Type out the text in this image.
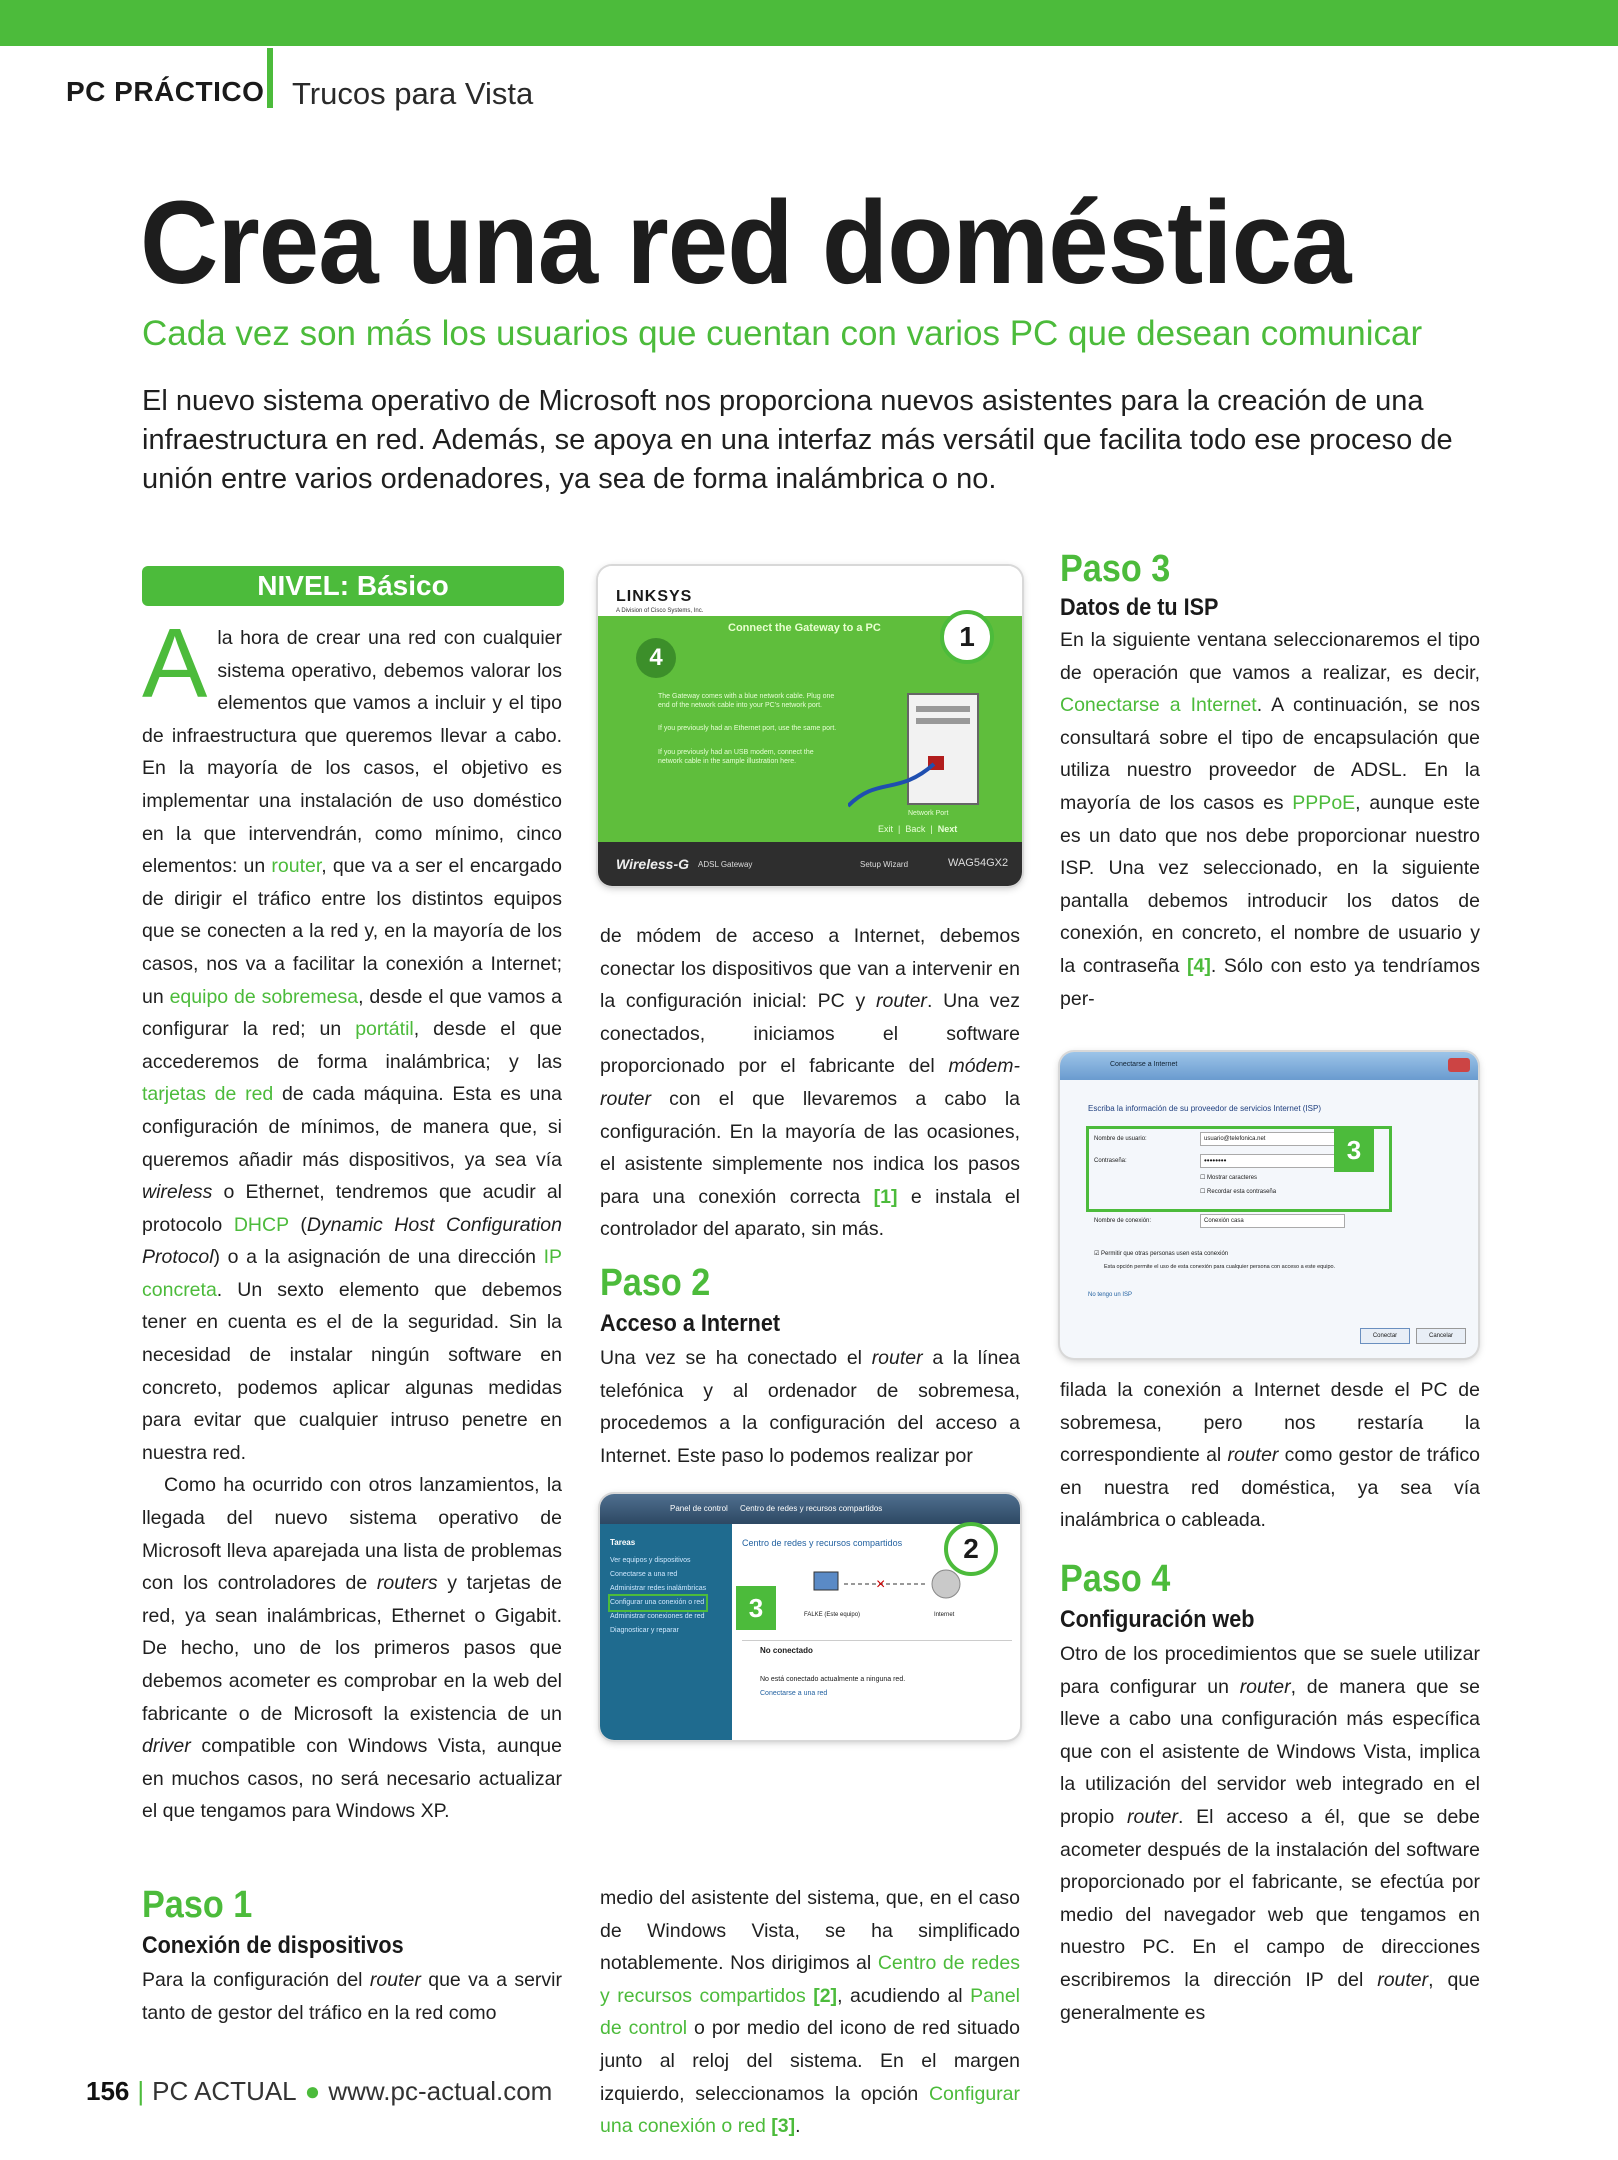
PC PRÁCTICO Trucos para Vista
Crea una red doméstica
Cada vez son más los usuarios que cuentan con varios PC que desean comunicar
El nuevo sistema operativo de Microsoft nos proporciona nuevos asistentes para la creación de una infraestructura en red. Además, se apoya en una interfaz más versátil que facilita todo ese proceso de unión entre varios ordenadores, ya sea de forma inalámbrica o no.
NIVEL: Básico

Ala hora de crear una red con cualquier sistema operativo, debemos valorar los elementos que vamos a incluir y el tipo de infraestructura que queremos llevar a cabo. En la mayoría de los casos, el objetivo es implementar una instalación de uso doméstico en la que intervendrán, como mínimo, cinco elementos: un router, que va a ser el encargado de dirigir el tráfico entre los distintos equipos que se conecten a la red y, en la mayoría de los casos, nos va a facilitar la conexión a Internet; un equipo de sobremesa, desde el que vamos a configurar la red; un portátil, desde el que accederemos de forma inalámbrica; y las tarjetas de red de cada máquina. Esta es una configuración de mínimos, de manera que, si queremos añadir más dispositivos, ya sea vía wireless o Ethernet, tendremos que acudir al protocolo DHCP (Dynamic Host Configuration Protocol) o a la asignación de una dirección IP concreta. Un sexto elemento que debemos tener en cuenta es el de la seguridad. Sin la necesidad de instalar ningún software en concreto, podemos aplicar algunas medidas para evitar que cualquier intruso penetre en nuestra red.

Como ha ocurrido con otros lanzamientos, la llegada del nuevo sistema operativo de Microsoft lleva aparejada una lista de problemas con los controladores de routers y tarjetas de red, ya sean inalámbricas, Ethernet o Gigabit. De hecho, uno de los primeros pasos que debemos acometer es comprobar en la web del fabricante o de Microsoft la existencia de un driver compatible con Windows Vista, aunque en muchos casos, no será necesario actualizar el que tengamos para Windows XP.

Paso 1
Conexión de dispositivos

Para la configuración del router que va a servir tanto de gestor del tráfico en la red como

LINKSYS
A Division of Cisco Systems, Inc.
4
Connect the Gateway to a PC
The Gateway comes with a blue network cable. Plug one end of the network cable into your PC's network port.
If you previously had an Ethernet port, use the same port.
If you previously had an USB modem, connect the network cable in the sample illustration here.
Network Port
Exit  |  Back  |  Next
Wireless-G ADSL Gateway	Setup Wizard	WAG54GX2
1

de módem de acceso a Internet, debemos conectar los dispositivos que van a intervenir en la configuración inicial: PC y router. Una vez conectados, iniciamos el software proporcionado por el fabricante del módem-router con el que llevaremos a cabo la configuración. En la mayoría de las ocasiones, el asistente simplemente nos indica los pasos para una conexión correcta [1] e instala el controlador del aparato, sin más.

Paso 2
Acceso a Internet

Una vez se ha conectado el router a la línea telefónica y al ordenador de sobremesa, procedemos a la configuración del acceso a Internet. Este paso lo podemos realizar por

Panel de control Centro de redes y recursos compartidos
Tareas
Ver equipos y dispositivos
Conectarse a una red
Administrar redes inalámbricas
Configurar una conexión o red
Administrar conexiones de red
Diagnosticar y reparar
Centro de redes y recursos compartidos
×
FALKE (Este equipo)	Internet
No conectado
No está conectado actualmente a ninguna red.
Conectarse a una red
3
2

medio del asistente del sistema, que, en el caso de Windows Vista, se ha simplificado notablemente. Nos dirigimos al Centro de redes y recursos compartidos [2], acudiendo al Panel de control o por medio del icono de red situado junto al reloj del sistema. En el margen izquierdo, seleccionamos la opción Configurar una conexión o red [3].

Paso 3
Datos de tu ISP

En la siguiente ventana seleccionaremos el tipo de operación que vamos a realizar, es decir, Conectarse a Internet. A continuación, se nos consultará sobre el tipo de encapsulación que utiliza nuestro proveedor de ADSL. En la mayoría de los casos es PPPoE, aunque este es un dato que nos debe proporcionar nuestro ISP. Una vez seleccionado, en la siguiente pantalla debemos introducir los datos de conexión, en concreto, el nombre de usuario y la contraseña [4]. Sólo con esto ya tendríamos per-

Conectarse a Internet
Escriba la información de su proveedor de servicios Internet (ISP)
Nombre de usuario:	usuario@telefonica.net
Contraseña:	••••••••
☐ Mostrar caracteres
☐ Recordar esta contraseña
Nombre de conexión:	Conexión casa
☑ Permitir que otras personas usen esta conexión
Esta opción permite el uso de esta conexión para cualquier persona con acceso a este equipo.
No tengo un ISP
Conectar	Cancelar
3

filada la conexión a Internet desde el PC de sobremesa, pero nos restaría la correspondiente al router como gestor de tráfico en nuestra red doméstica, ya sea vía inalámbrica o cableada.

Paso 4
Configuración web

Otro de los procedimientos que se suele utilizar para configurar un router, de manera que se lleve a cabo una configuración más específica que con el asistente de Windows Vista, implica la utilización del servidor web integrado en el propio router. El acceso a él, que se debe acometer después de la instalación del software proporcionado por el fabricante, se efectúa por medio del navegador web que tengamos en nuestro PC. En el campo de direcciones escribiremos la dirección IP del router, que generalmente es

156 | PC ACTUAL ● www.pc-actual.com
